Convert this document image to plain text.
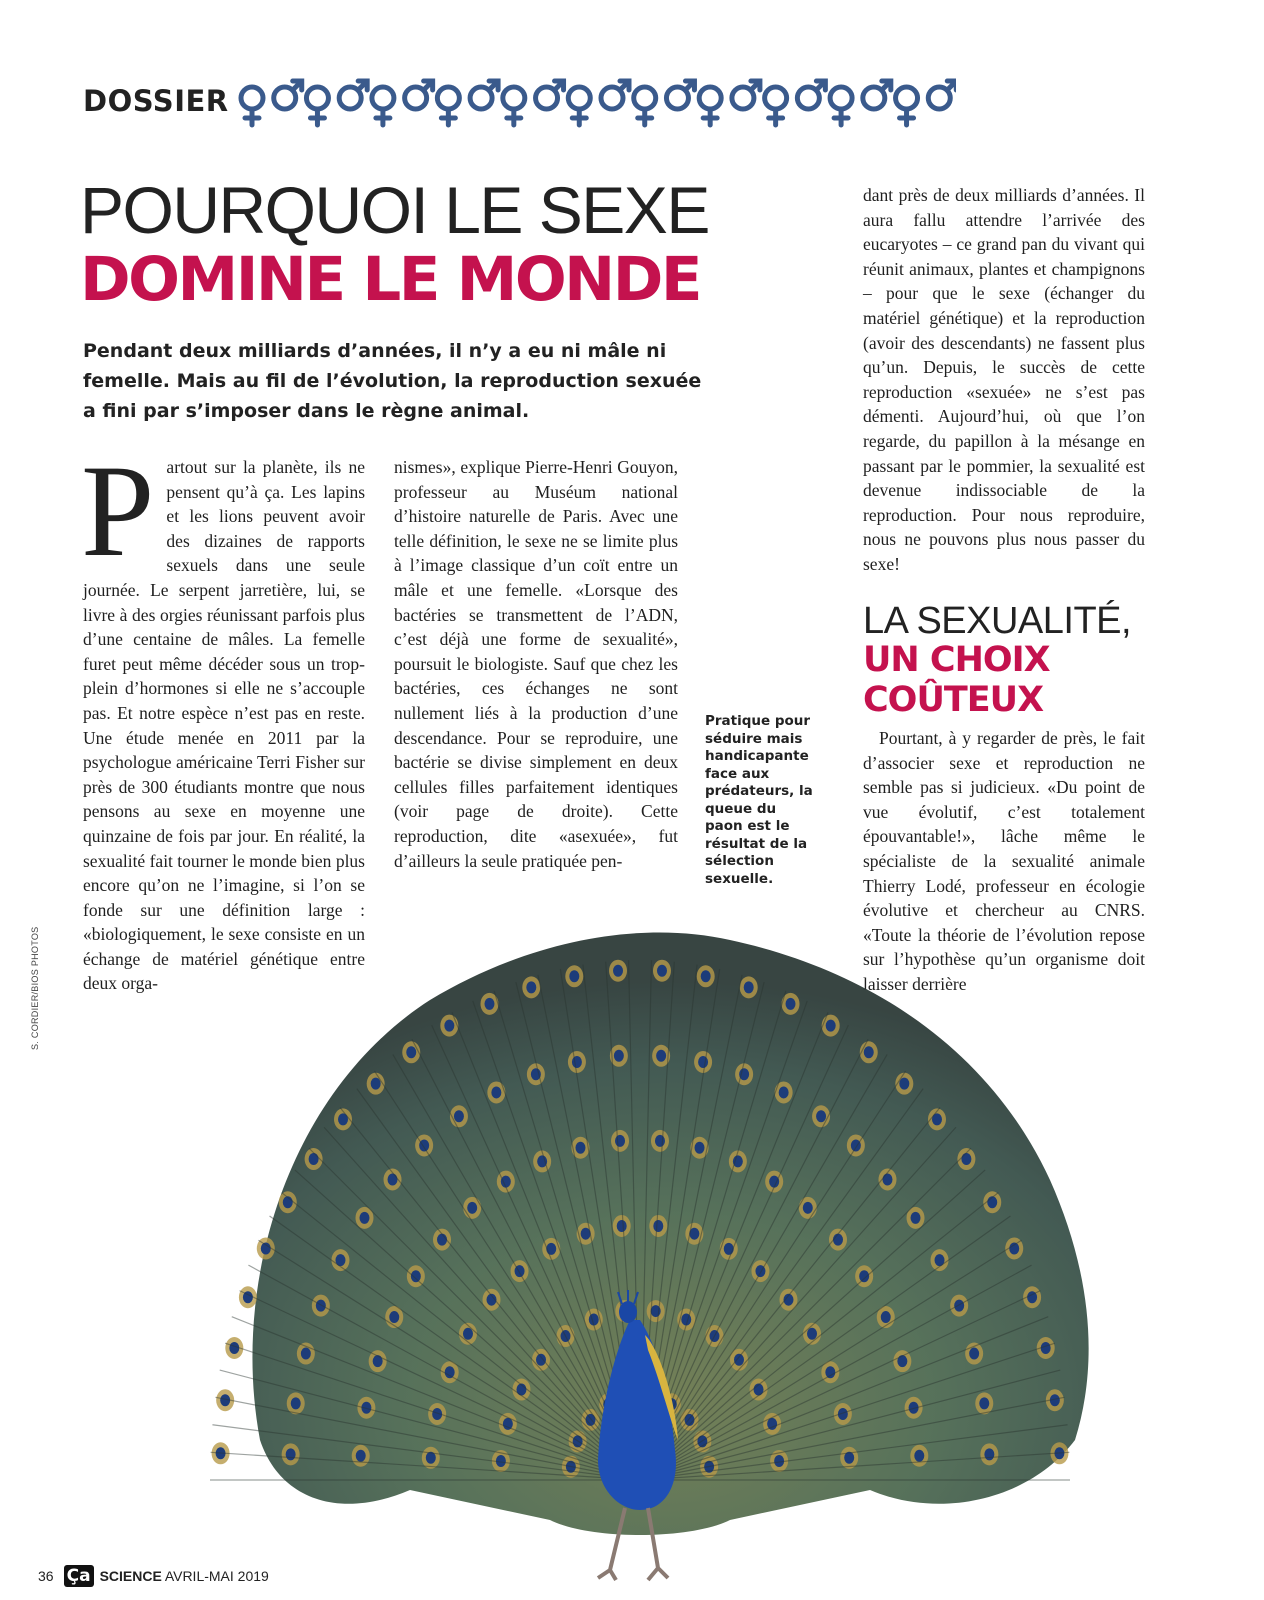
DOSSIER
POURQUOI LE SEXE
DOMINE LE MONDE
Pendant deux milliards d’années, il n’y a eu ni mâle ni femelle. Mais au fil de l’évolution, la reproduction sexuée a fini par s’imposer dans le règne animal.
P artout sur la planète, ils ne pensent qu’à ça. Les lapins et les lions peuvent avoir des dizaines de rapports sexuels dans une seule journée. Le serpent jarretière, lui, se livre à des orgies réunissant parfois plus d’une centaine de mâles. La femelle furet peut même décéder sous un trop-plein d’hormones si elle ne s’accouple pas. Et notre espèce n’est pas en reste. Une étude menée en 2011 par la psychologue américaine Terri Fisher sur près de 300 étudiants montre que nous pensons au sexe en moyenne une quinzaine de fois par jour. En réalité, la sexualité fait tourner le monde bien plus encore qu’on ne l’imagine, si l’on se fonde sur une définition large : «biologiquement, le sexe consiste en un échange de matériel génétique entre deux orga-

nismes», explique Pierre-Henri Gouyon, professeur au Muséum national d’histoire naturelle de Paris. Avec une telle définition, le sexe ne se limite plus à l’image classique d’un coït entre un mâle et une femelle. «Lorsque des bactéries se transmettent de l’ADN, c’est déjà une forme de sexualité», poursuit le biologiste. Sauf que chez les bactéries, ces échanges ne sont nullement liés à la production d’une descendance. Pour se reproduire, une bactérie se divise simplement en deux cellules filles parfaitement identiques (voir page de droite). Cette reproduction, dite «asexuée», fut d’ailleurs la seule pratiquée pen-

dant près de deux milliards d’années. Il aura fallu attendre l’arrivée des eucaryotes – ce grand pan du vivant qui réunit animaux, plantes et champignons – pour que le sexe (échanger du matériel génétique) et la reproduction (avoir des descendants) ne fassent plus qu’un. Depuis, le succès de cette reproduction «sexuée» ne s’est pas démenti. Aujourd’hui, où que l’on regarde, du papillon à la mésange en passant par le pommier, la sexualité est devenue indissociable de la reproduction. Pour nous reproduire, nous ne pouvons plus nous passer du sexe!

LA SEXUALITÉ,
UN CHOIX COÛTEUX

Pourtant, à y regarder de près, le fait d’associer sexe et reproduction ne semble pas si judicieux. «Du point de vue évolutif, c’est totalement épouvantable!», lâche même le spécialiste de la sexualité animale Thierry Lodé, professeur en écologie évolutive et chercheur au CNRS. «Toute la théorie de l’évolution repose sur l’hypothèse qu’un organisme doit laisser derrière

Pratique pour séduire mais handicapante face aux prédateurs, la queue du paon est le résultat de la sélection sexuelle.
S. CORDIER/BIOS PHOTOS
36 Ça SCIENCE AVRIL-MAI 2019
